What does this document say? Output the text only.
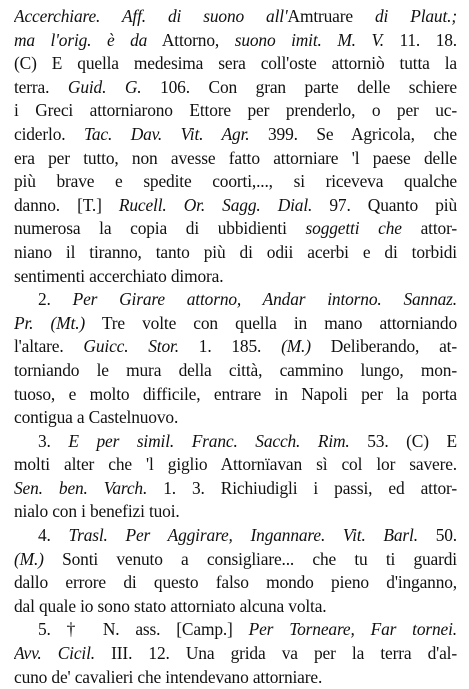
Accerchiare. Aff. di suono all'Amtruare di Plaut.;
ma l'orig. è da Attorno, suono imit. M. V. 11. 18.
(C) E quella medesima sera coll'oste attorniò tutta la
terra. Guid. G. 106. Con gran parte delle schiere
i Greci attorniarono Ettore per prenderlo, o per uc-
ciderlo. Tac. Dav. Vit. Agr. 399. Se Agricola, che
era per tutto, non avesse fatto attorniare 'l paese delle
più brave e spedite coorti,..., si riceveva qualche
danno. [T.] Rucell. Or. Sagg. Dial. 97. Quanto più
numerosa la copia di ubbidienti soggetti che attor-
niano il tiranno, tanto più di odii acerbi e di torbidi
sentimenti accerchiato dimora.
2. Per Girare attorno, Andar intorno. Sannaz.
Pr. (Mt.) Tre volte con quella in mano attorniando
l'altare. Guicc. Stor. 1. 185. (M.) Deliberando, at-
torniando le mura della città, cammino lungo, mon-
tuoso, e molto difficile, entrare in Napoli per la porta
contigua a Castelnuovo.
3. E per simil. Franc. Sacch. Rim. 53. (C) E
molti alter che 'l giglio Attornïavan sì col lor savere.
Sen. ben. Varch. 1. 3. Richiudigli i passi, ed attor-
nialo con i benefizi tuoi.
4. Trasl. Per Aggirare, Ingannare. Vit. Barl. 50.
(M.) Sonti venuto a consigliare... che tu ti guardi
dallo errore di questo falso mondo pieno d'inganno,
dal quale io sono stato attorniato alcuna volta.
5. † N. ass. [Camp.] Per Torneare, Far tornei.
Avv. Cicil. III. 12. Una grida va per la terra d'al-
cuno de' cavalieri che intendevano attorniare.
